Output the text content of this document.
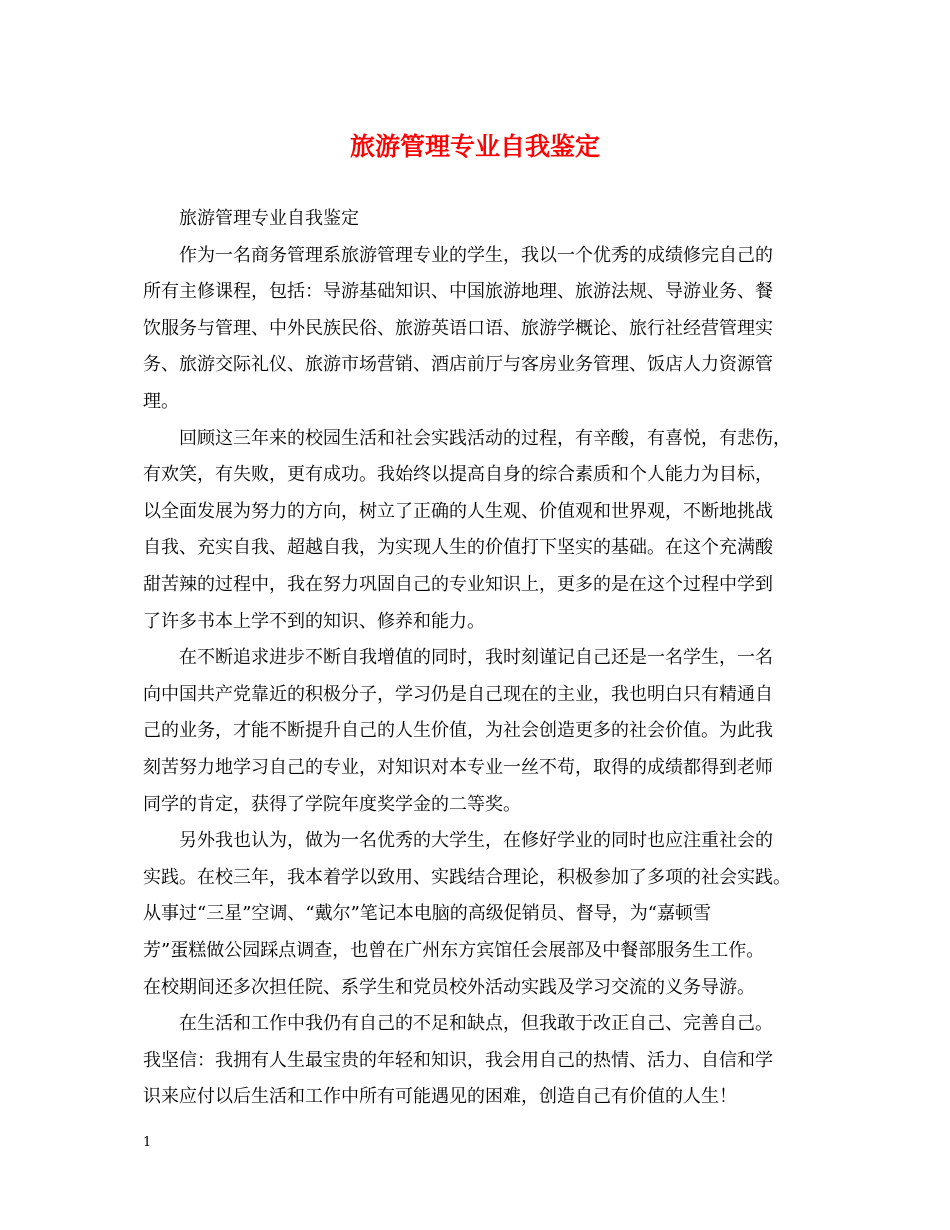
旅游管理专业自我鉴定
旅游管理专业自我鉴定
作为一名商务管理系旅游管理专业的学生，我以一个优秀的成绩修完自己的
所有主修课程，包括：导游基础知识、中国旅游地理、旅游法规、导游业务、餐
饮服务与管理、中外民族民俗、旅游英语口语、旅游学概论、旅行社经营管理实
务、旅游交际礼仪、旅游市场营销、酒店前厅与客房业务管理、饭店人力资源管
理。
回顾这三年来的校园生活和社会实践活动的过程，有辛酸，有喜悦，有悲伤，
有欢笑，有失败，更有成功。我始终以提高自身的综合素质和个人能力为目标，
以全面发展为努力的方向，树立了正确的人生观、价值观和世界观，不断地挑战
自我、充实自我、超越自我，为实现人生的价值打下坚实的基础。在这个充满酸
甜苦辣的过程中，我在努力巩固自己的专业知识上，更多的是在这个过程中学到
了许多书本上学不到的知识、修养和能力。
在不断追求进步不断自我增值的同时，我时刻谨记自己还是一名学生，一名
向中国共产党靠近的积极分子，学习仍是自己现在的主业，我也明白只有精通自
己的业务，才能不断提升自己的人生价值，为社会创造更多的社会价值。为此我
刻苦努力地学习自己的专业，对知识对本专业一丝不苟，取得的成绩都得到老师
同学的肯定，获得了学院年度奖学金的二等奖。
另外我也认为，做为一名优秀的大学生，在修好学业的同时也应注重社会的
实践。在校三年，我本着学以致用、实践结合理论，积极参加了多项的社会实践。
从事过“三星”空调、“戴尔”笔记本电脑的高级促销员、督导，为“嘉顿雪
芳”蛋糕做公园踩点调查，也曾在广州东方宾馆任会展部及中餐部服务生工作。
在校期间还多次担任院、系学生和党员校外活动实践及学习交流的义务导游。
在生活和工作中我仍有自己的不足和缺点，但我敢于改正自己、完善自己。
我坚信：我拥有人生最宝贵的年轻和知识，我会用自己的热情、活力、自信和学
识来应付以后生活和工作中所有可能遇见的困难，创造自己有价值的人生！
1
